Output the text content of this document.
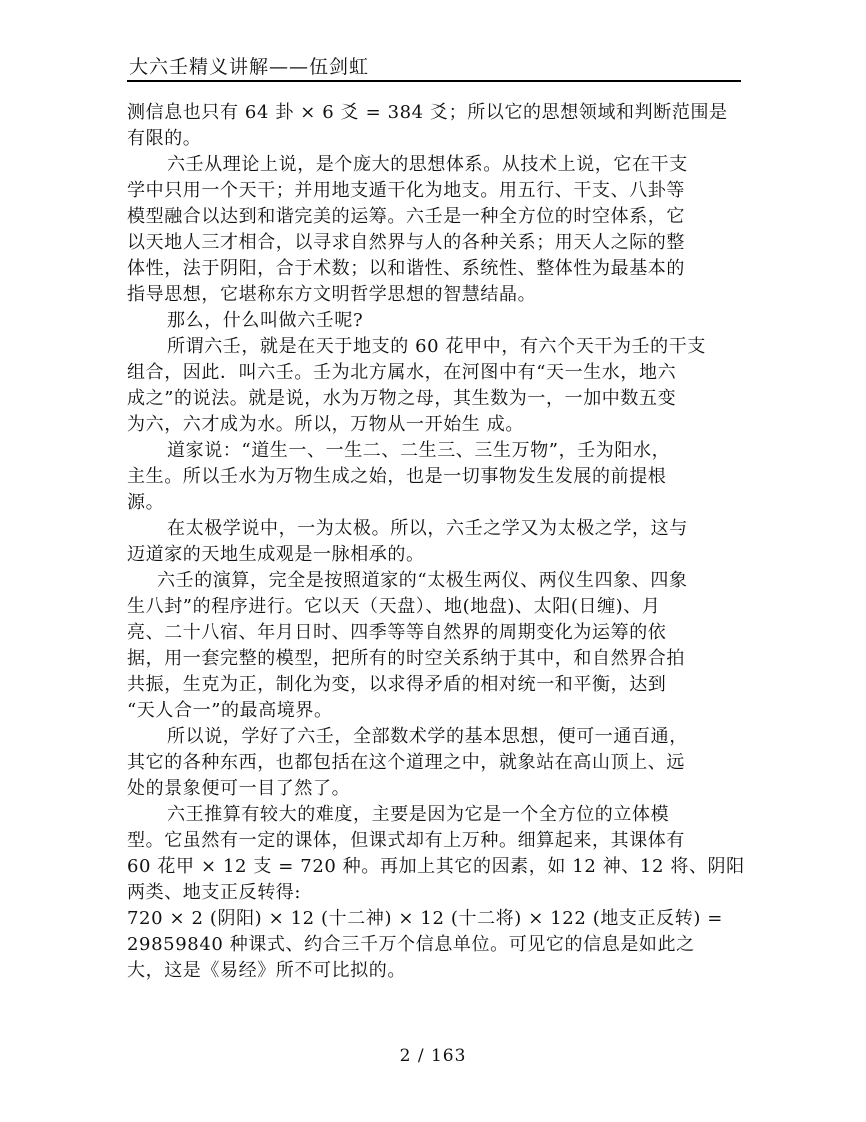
大六壬精义讲解——伍剑虹
测信息也只有 64 卦 × 6 爻 = 384 爻；所以它的思想领域和判断范围是
有限的。
六壬从理论上说，是个庞大的思想体系。从技术上说，它在干支
学中只用一个天干；并用地支遁干化为地支。用五行、干支、八卦等
模型融合以达到和谐完美的运筹。六壬是一种全方位的时空体系，它
以天地人三才相合，以寻求自然界与人的各种关系；用天人之际的整
体性，法于阴阳，合于术数；以和谐性、系统性、整体性为最基本的
指导思想，它堪称东方文明哲学思想的智慧结晶。
那么，什么叫做六壬呢?
所谓六壬，就是在天于地支的 60 花甲中，有六个天干为壬的干支
组合，因此．叫六壬。壬为北方属水，在河图中有“天一生水，地六
成之”的说法。就是说，水为万物之母，其生数为一，一加中数五变
为六，六才成为水。所以，万物从一开始生 成。
道家说：“道生一、一生二、二生三、三生万物”，壬为阳水，
主生。所以壬水为万物生成之始，也是一切事物发生发展的前提根
源。
在太极学说中，一为太极。所以，六壬之学又为太极之学，这与
迈道家的天地生成观是一脉相承的。
六壬的演算，完全是按照道家的“太极生两仪、两仪生四象、四象
生八封”的程序进行。它以天（天盘）、地(地盘)、太阳(日缠)、月
亮、二十八宿、年月日时、四季等等自然界的周期变化为运筹的依
据，用一套完整的模型，把所有的时空关系纳于其中，和自然界合拍
共振，生克为正，制化为变，以求得矛盾的相对统一和平衡，达到
“天人合一”的最高境界。
所以说，学好了六壬，全部数术学的基本思想，便可一通百通，
其它的各种东西，也都包括在这个道理之中，就象站在高山顶上、远
处的景象便可一目了然了。
六王推算有较大的难度，主要是因为它是一个全方位的立体模
型。它虽然有一定的课体，但课式却有上万种。细算起来，其课体有
60 花甲 × 12 支 = 720 种。再加上其它的因素，如 12 神、12 将、阴阳
两类、地支正反转得:
720 × 2 (阴阳) × 12 (十二神) × 12 (十二将) × 122 (地支正反转) =
29859840 种课式、约合三千万个信息单位。可见它的信息是如此之
大，这是《易经》所不可比拟的。
2 / 163
